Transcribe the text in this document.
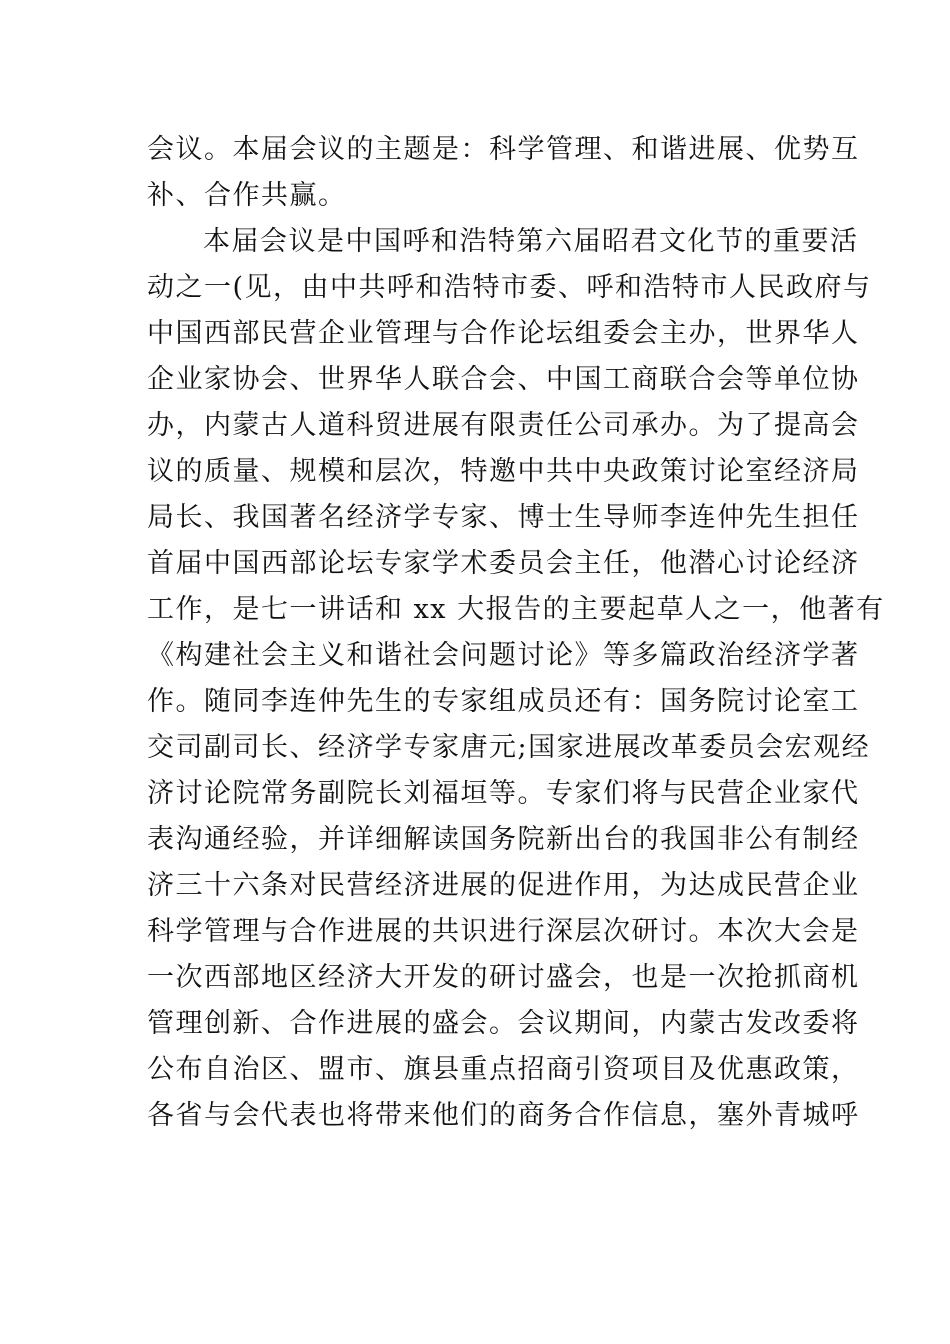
会议。本届会议的主题是：科学管理、和谐进展、优势互
补、合作共赢。
本届会议是中国呼和浩特第六届昭君文化节的重要活
动之一(见，由中共呼和浩特市委、呼和浩特市人民政府与
中国西部民营企业管理与合作论坛组委会主办，世界华人
企业家协会、世界华人联合会、中国工商联合会等单位协
办，内蒙古人道科贸进展有限责任公司承办。为了提高会
议的质量、规模和层次，特邀中共中央政策讨论室经济局
局长、我国著名经济学专家、博士生导师李连仲先生担任
首届中国西部论坛专家学术委员会主任，他潜心讨论经济
工作，是七一讲话和 xx 大报告的主要起草人之一，他著有
《构建社会主义和谐社会问题讨论》等多篇政治经济学著
作。随同李连仲先生的专家组成员还有：国务院讨论室工
交司副司长、经济学专家唐元;国家进展改革委员会宏观经
济讨论院常务副院长刘福垣等。专家们将与民营企业家代
表沟通经验，并详细解读国务院新出台的我国非公有制经
济三十六条对民营经济进展的促进作用，为达成民营企业
科学管理与合作进展的共识进行深层次研讨。本次大会是
一次西部地区经济大开发的研讨盛会，也是一次抢抓商机
管理创新、合作进展的盛会。会议期间，内蒙古发改委将
公布自治区、盟市、旗县重点招商引资项目及优惠政策，
各省与会代表也将带来他们的商务合作信息，塞外青城呼
